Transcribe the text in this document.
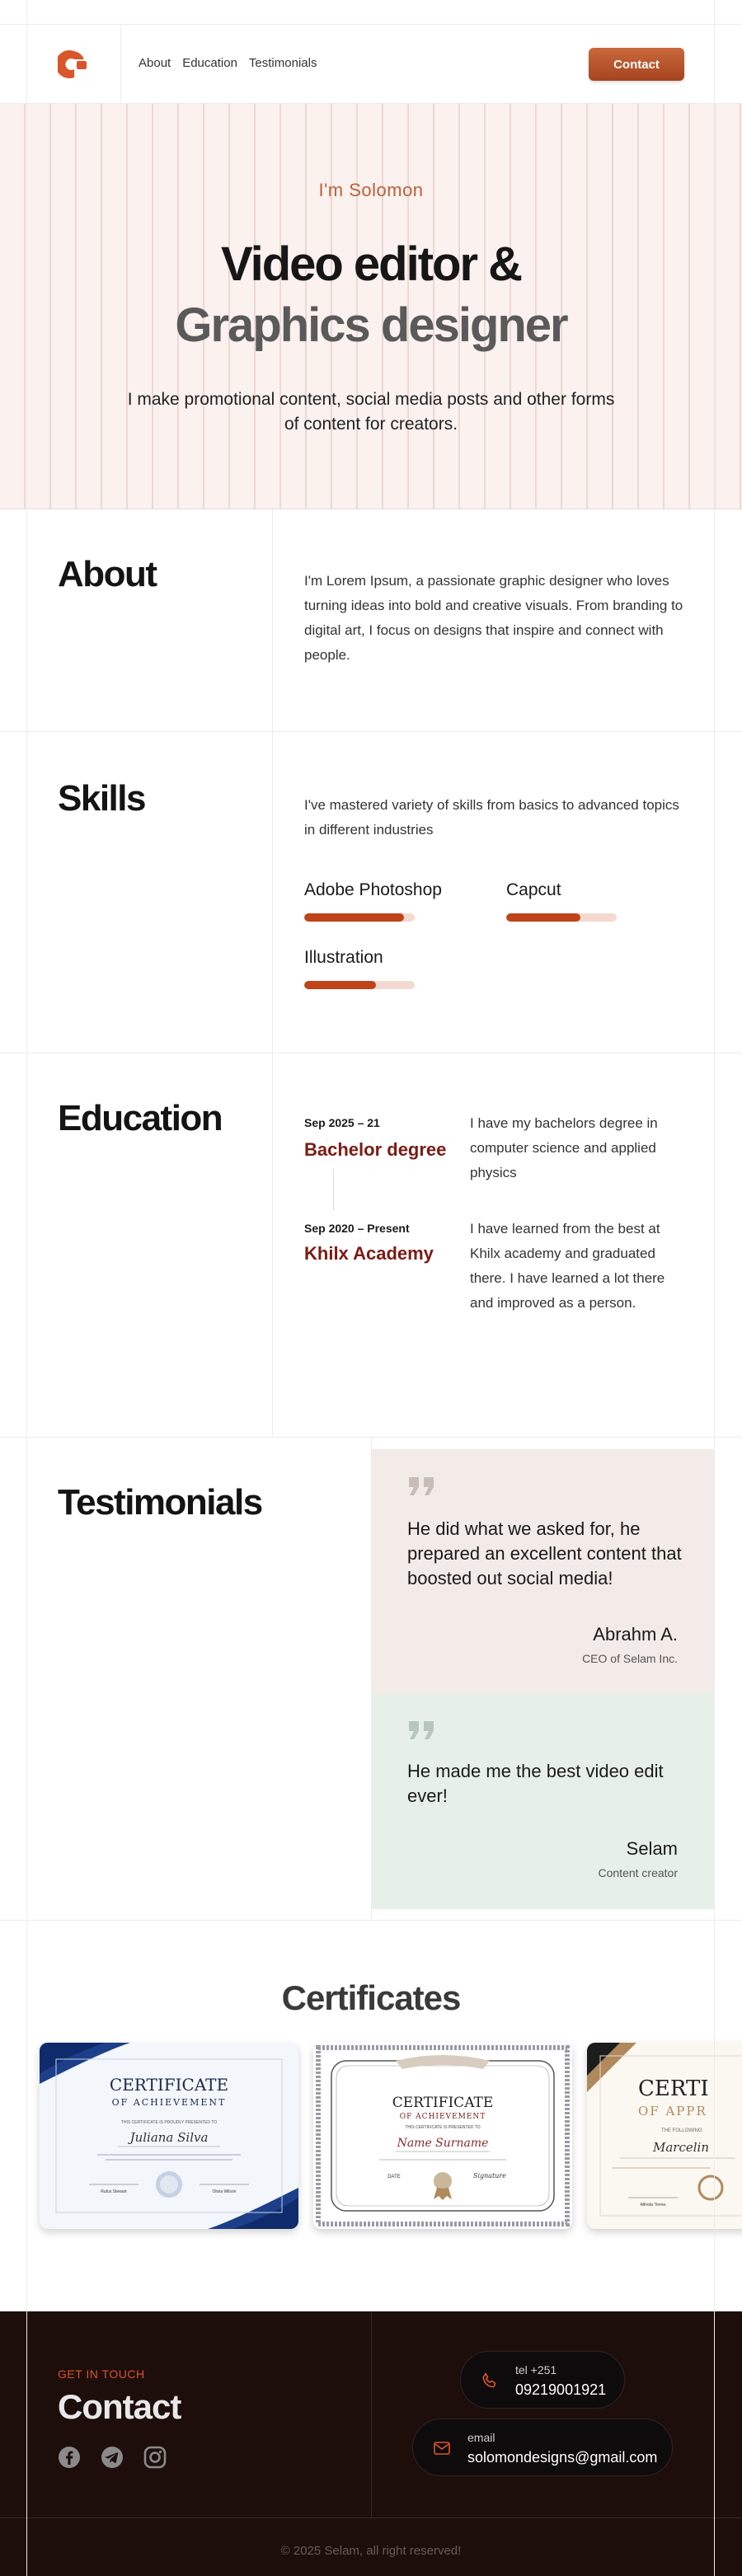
About Education Testimonials	Contact
I'm Solomon
Video editor &
Graphics designer

I make promotional content, social media posts and other forms of content for creators.

About	I'm Lorem Ipsum, a passionate graphic designer who loves turning ideas into bold and creative visuals. From branding to digital art, I focus on designs that inspire and connect with people.

Skills	I've mastered variety of skills from basics to advanced topics in different industries

Adobe Photoshop	Capcut
Illustration
Education	Sep 2025 – 21
Bachelor degree

I have my bachelors degree in computer science and applied physics

Sep 2020 – Present
Khilx Academy

I have learned from the best at Khilx academy and graduated there. I have learned a lot there and improved as a person.

Testimonials

He did what we asked for, he prepared an excellent content that boosted out social media!

Abrahm A.
CEO of Selam Inc.

He made me the best video edit ever!

Selam
Content creator
Certificates
CERTIFICATE
OF ACHIEVEMENT
THIS CERTIFICATE IS PROUDLY PRESENTED TO
Juliana Silva
Rufus Stewart	Olivia Wilson
CERTIFICATE
OF ACHIEVEMENT
THIS CERTIFICATE IS PRESENTED TO
Name Surname
DATE	Signature
CERTI
OF APPR
THE FOLLOWING
Marcelin
Alfredo Torres
GET IN TOUCH
Contact
tel +251
09219001921
email
solomondesigns@gmail.com
© 2025 Selam, all right reserved!
